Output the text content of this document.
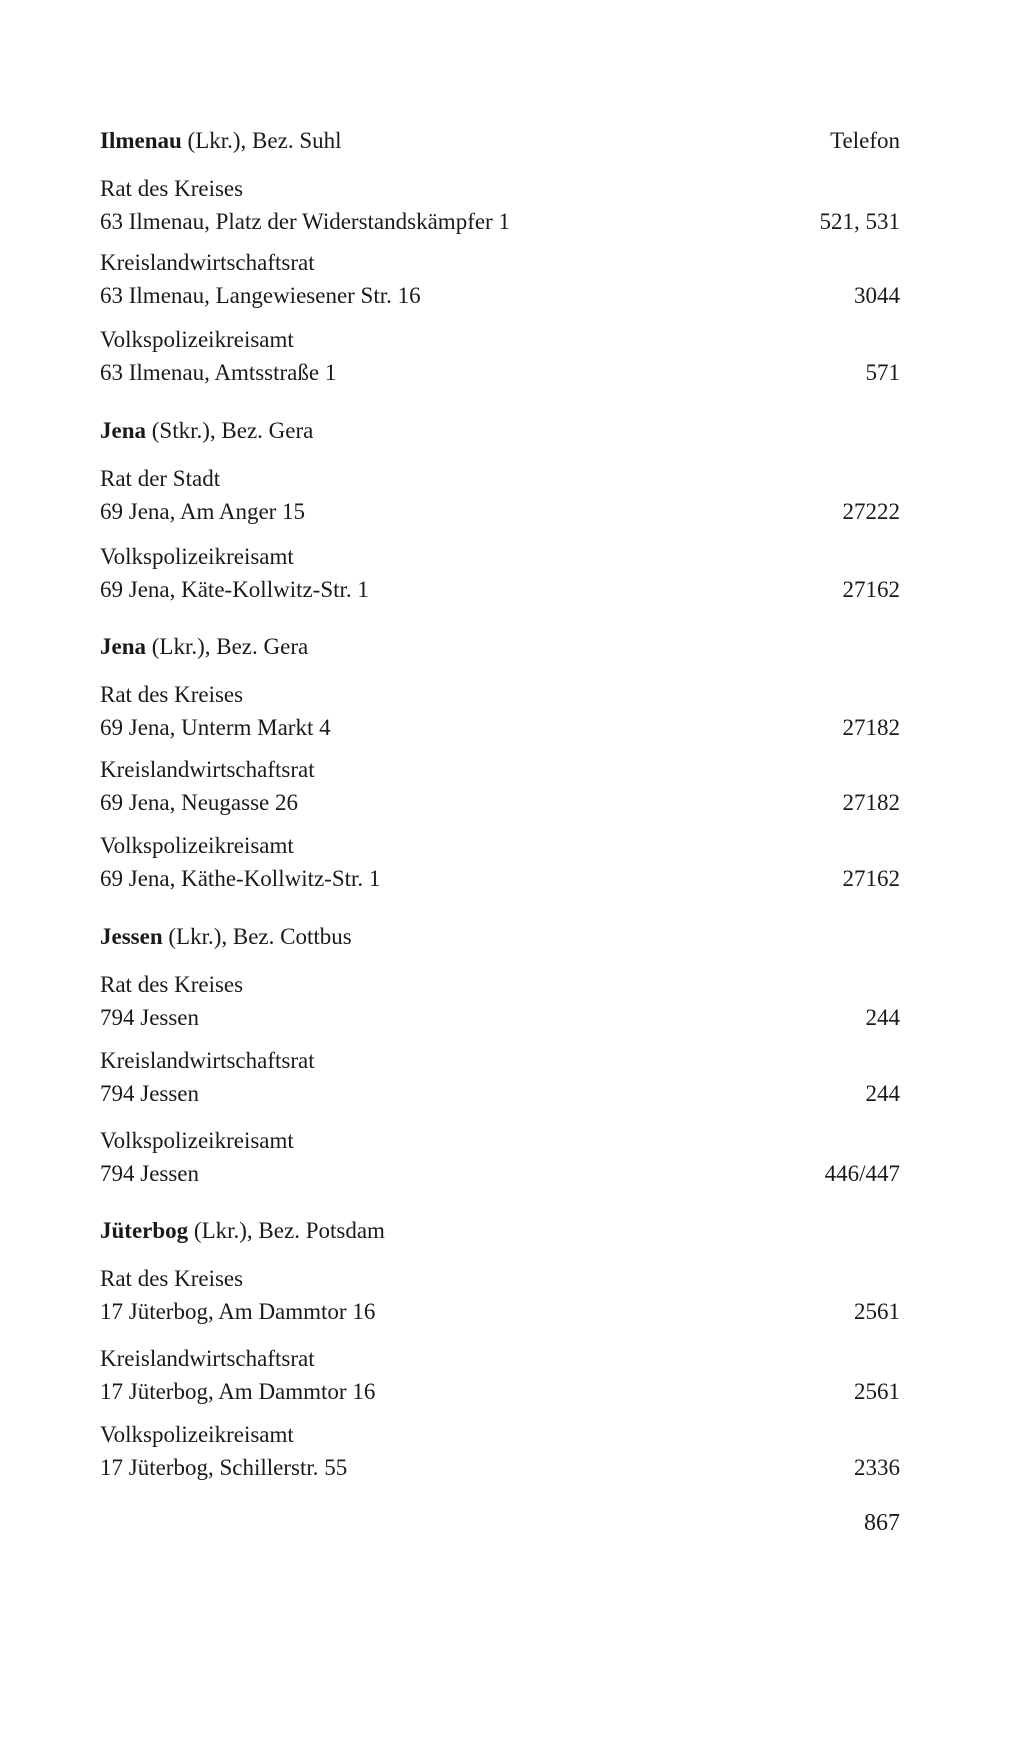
Ilmenau (Lkr.), Bez. Suhl	Telefon
Rat des Kreises
63 Ilmenau, Platz der Widerstandskämpfer 1	521, 531
Kreislandwirtschaftsrat
63 Ilmenau, Langewiesener Str. 16	3044
Volkspolizeikreisamt
63 Ilmenau, Amtsstraße 1	571
Jena (Stkr.), Bez. Gera
Rat der Stadt
69 Jena, Am Anger 15	27222
Volkspolizeikreisamt
69 Jena, Käte-Kollwitz-Str. 1	27162
Jena (Lkr.), Bez. Gera
Rat des Kreises
69 Jena, Unterm Markt 4	27182
Kreislandwirtschaftsrat
69 Jena, Neugasse 26	27182
Volkspolizeikreisamt
69 Jena, Käthe-Kollwitz-Str. 1	27162
Jessen (Lkr.), Bez. Cottbus
Rat des Kreises
794 Jessen	244
Kreislandwirtschaftsrat
794 Jessen	244
Volkspolizeikreisamt
794 Jessen	446/447
Jüterbog (Lkr.), Bez. Potsdam
Rat des Kreises
17 Jüterbog, Am Dammtor 16	2561
Kreislandwirtschaftsrat
17 Jüterbog, Am Dammtor 16	2561
Volkspolizeikreisamt
17 Jüterbog, Schillerstr. 55	2336
867
